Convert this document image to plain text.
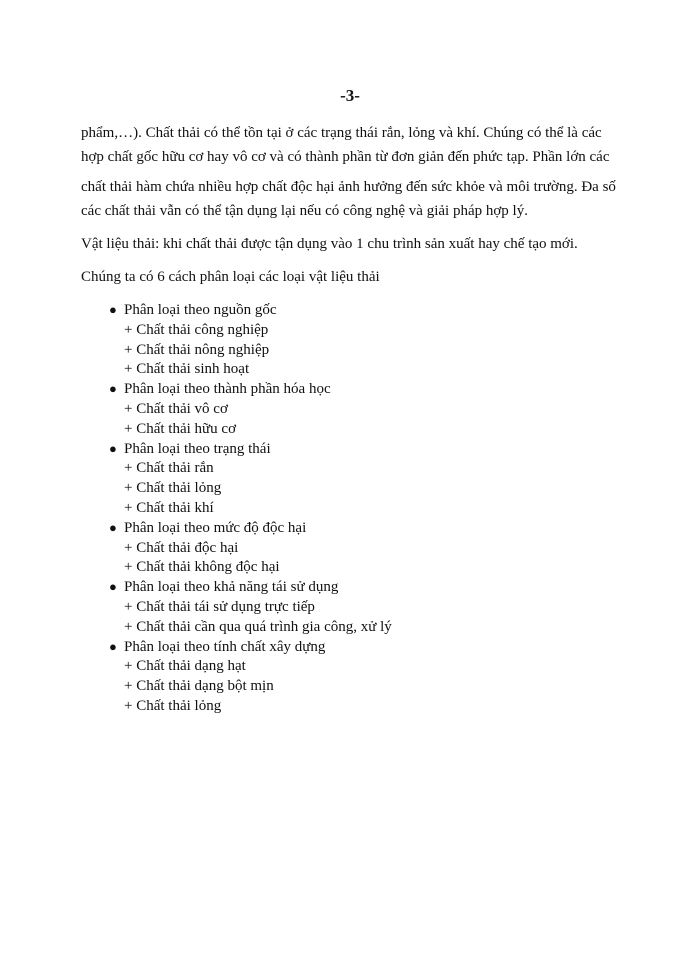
-3-
phẩm,…). Chất thải có thể tồn tại ở các trạng thái rắn, lỏng và khí. Chúng có thể là các
hợp chất gốc hữu cơ hay vô cơ và có thành phần từ đơn giản đến phức tạp. Phần lớn các
chất thải hàm chứa nhiều hợp chất độc hại ảnh hưởng đến sức khỏe và môi trường. Đa số
các chất thải vẫn có thể tận dụng lại nếu có công nghệ và giải pháp hợp lý.
Vật liệu thải: khi chất thải được tận dụng vào 1 chu trình sản xuất hay chế tạo mới.
Chúng ta có 6 cách phân loại các loại vật liệu thải
● Phân loại theo nguồn gốc
+ Chất thải công nghiệp
+ Chất thải nông nghiệp
+ Chất thải sinh hoạt
● Phân loại theo thành phần hóa học
+ Chất thải vô cơ
+ Chất thải hữu cơ
● Phân loại theo trạng thái
+ Chất thải rắn
+ Chất thải lỏng
+ Chất thải khí
● Phân loại theo mức độ độc hại
+ Chất thải độc hại
+ Chất thải không độc hại
● Phân loại theo khả năng tái sử dụng
+ Chất thải tái sử dụng trực tiếp
+ Chất thải cần qua quá trình gia công, xử lý
● Phân loại theo tính chất xây dựng
+ Chất thải dạng hạt
+ Chất thải dạng bột mịn
+ Chất thải lỏng
